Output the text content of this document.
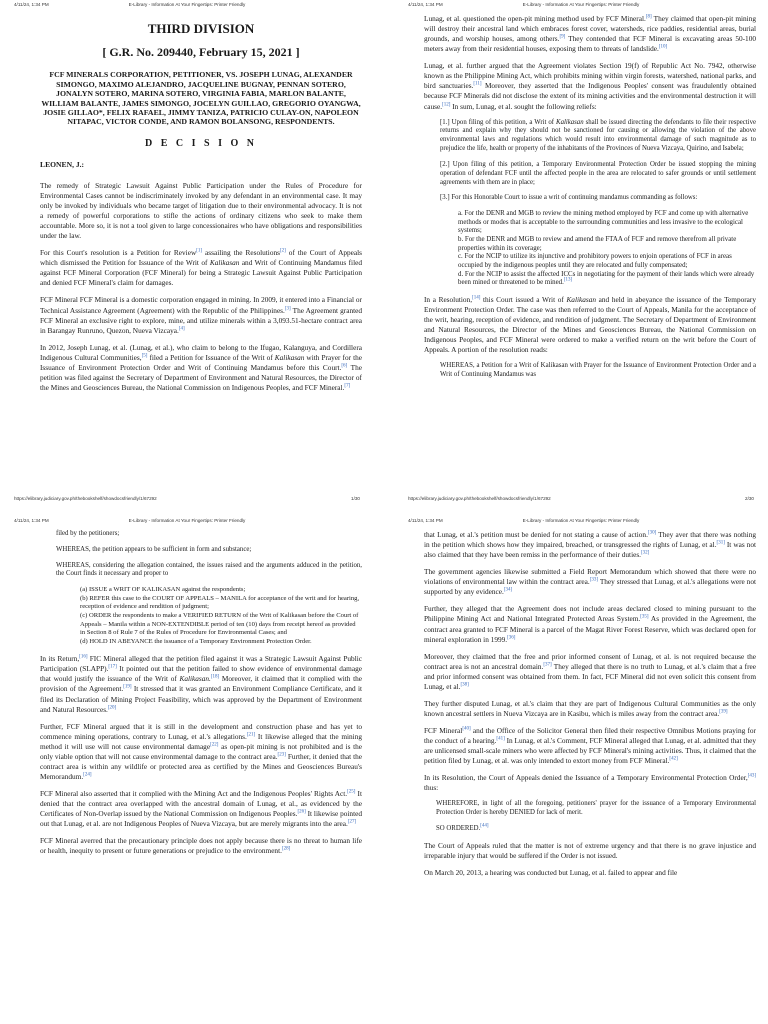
4/11/24, 1:34 PM	E-Library - Information At Your Fingertips: Printer Friendly
THIRD DIVISION
[ G.R. No. 209440, February 15, 2021 ]
FCF MINERALS CORPORATION, PETITIONER, VS. JOSEPH LUNAG, ALEXANDER SIMONGO, MAXIMO ALEJANDRO, JACQUELINE BUGNAY, PENNAN SOTERO, JONALYN SOTERO, MARINA SOTERO, VIRGINIA FABIA, MARLON BALANTE, WILLIAM BALANTE, JAMES SIMONGO, JOCELYN GUILLAO, GREGORIO OYANGWA, JOSIE GILLAO*, FELIX RAFAEL, JIMMY TANIZA, PATRICIO CULAY-ON, NAPOLEON NITAPAC, VICTOR CONDE, AND RAMON BOLANSONG, RESPONDENTS.
D E C I S I O N
LEONEN, J.:

The remedy of Strategic Lawsuit Against Public Participation under the Rules of Procedure for Environmental Cases cannot be indiscriminately invoked by any defendant in an environmental case. It may only be invoked by individuals who became target of litigation due to their environmental advocacy. It is not a remedy of powerful corporations to stifle the actions of ordinary citizens who seek to make them accountable. More so, it is not a tool given to large concessionaires who have obligations and responsibilities under the law.

For this Court's resolution is a Petition for Review[1] assailing the Resolutions[2] of the Court of Appeals which dismissed the Petition for Issuance of the Writ of Kalikasan and Writ of Continuing Mandamus filed against FCF Mineral Corporation (FCF Mineral) for being a Strategic Lawsuit Against Public Participation and denied FCF Mineral's claim for damages.

FCF Mineral FCF Mineral is a domestic corporation engaged in mining. In 2009, it entered into a Financial or Technical Assistance Agreement (Agreement) with the Republic of the Philippines.[3] The Agreement granted FCF Mineral an exclusive right to explore, mine, and utilize minerals within a 3,093.51-hectare contract area in Barangay Runruno, Quezon, Nueva Vizcaya.[4]

In 2012, Joseph Lunag, et al. (Lunag, et al.), who claim to belong to the Ifugao, Kalanguya, and Cordillera Indigenous Cultural Communities,[5] filed a Petition for Issuance of the Writ of Kalikasan with Prayer for the Issuance of Environment Protection Order and Writ of Continuing Mandamus before this Court.[6] The petition was filed against the Secretary of Department of Environment and Natural Resources, the Director of the Mines and Geosciences Bureau, the National Commission on Indigenous Peoples, and FCF Mineral.[7]

https://elibrary.judiciary.gov.ph/thebookshelf/showdocsfriendly/1/67292	1/30
4/11/24, 1:34 PM	E-Library - Information At Your Fingertips: Printer Friendly

Lunag, et al. questioned the open-pit mining method used by FCF Mineral.[8] They claimed that open-pit mining will destroy their ancestral land which embraces forest cover, watersheds, rice paddies, residential areas, burial grounds, and worship houses, among others.[9] They contended that FCF Mineral is excavating areas 50-100 meters away from their residential houses, exposing them to threats of landslide.[10]

Lunag, et al. further argued that the Agreement violates Section 19(f) of Republic Act No. 7942, otherwise known as the Philippine Mining Act, which prohibits mining within virgin forests, watershed, national parks, and bird sanctuaries.[11] Moreover, they asserted that the Indigenous Peoples' consent was fraudulently obtained because FCF Minerals did not disclose the extent of its mining activities and the environmental destruction it will cause.[12] In sum, Lunag, et al. sought the following reliefs:

[1.] Upon filing of this petition, a Writ of Kalikasan shall be issued directing the defendants to file their respective returns and explain why they should not be sanctioned for causing or allowing the violation of the above environmental laws and regulations which would result into environmental damage of such magnitude as to prejudice the life, health or property of the inhabitants of the Provinces of Nueva Vizcaya, Quirino, and Isabela;

[2.] Upon filing of this petition, a Temporary Environmental Protection Order be issued stopping the mining operation of defendant FCF until the affected people in the area are relocated to safer grounds or until settlement agreements with them are in place;

[3.] For this Honorable Court to issue a writ of continuing mandamus commanding as follows:

a. For the DENR and MGB to review the mining method employed by FCF and come up with alternative methods or modes that is acceptable to the surrounding communities and less invasive to the ecological systems;
b. For the DENR and MGB to review and amend the FTAA of FCF and remove therefrom all private properties within its coverage;
c. For the NCIP to utilize its injunctive and prohibitory powers to enjoin operations of FCF in areas occupied by the indigenous peoples until they are relocated and fully compensated;
d. For the NCIP to assist the affected ICCs in negotiating for the payment of their lands which were already been mined or threatened to be mined.[13]

In a Resolution,[14] this Court issued a Writ of Kalikasan and held in abeyance the issuance of the Temporary Environment Protection Order. The case was then referred to the Court of Appeals, Manila for the acceptance of the writ, hearing, reception of evidence, and rendition of judgment. The Secretary of Department of Environment and Natural Resources, the Director of the Mines and Geosciences Bureau, the National Commission on Indigenous Peoples, and FCF Mineral were ordered to make a verified return on the writ before the Court of Appeals. A portion of the resolution reads:

WHEREAS, a Petition for a Writ of Kalikasan with Prayer for the Issuance of Environment Protection Order and a Writ of Continuing Mandamus was

https://elibrary.judiciary.gov.ph/thebookshelf/showdocsfriendly/1/67292	2/30
4/11/24, 1:34 PM	E-Library - Information At Your Fingertips: Printer Friendly

filed by the petitioners;

WHEREAS, the petition appears to be sufficient in form and substance;

WHEREAS, considering the allegation contained, the issues raised and the arguments adduced in the petition, the Court finds it necessary and proper to

(a) ISSUE a WRIT OF KALIKASAN against the respondents;
(b) REFER this case to the COURT OF APPEALS – MANILA for acceptance of the writ and for hearing, reception of evidence and rendition of judgment;
(c) ORDER the respondents to make a VERIFIED RETURN of the Writ of Kalikasan before the Court of Appeals – Manila within a NON-EXTENDIBLE period of ten (10) days from receipt hereof as provided in Section 8 of Rule 7 of the Rules of Procedure for Environmental Cases; and
(d) HOLD IN ABEYANCE the issuance of a Temporary Environment Protection Order.

In its Return,[16] FIC Mineral alleged that the petition filed against it was a Strategic Lawsuit Against Public Participation (SLAPP).[17] It pointed out that the petition failed to show evidence of environmental damage that would justify the issuance of the Writ of Kalikasan.[18] Moreover, it claimed that it complied with the provision of the Agreement.[19] It stressed that it was granted an Environment Compliance Certificate, and it filed its Declaration of Mining Project Feasibility, which was approved by the Department of Environment and Natural Resources.[20]

Further, FCF Mineral argued that it is still in the development and construction phase and has yet to commence mining operations, contrary to Lunag, et al.'s allegations.[21] It likewise alleged that the mining method it will use will not cause environmental damage[22] as open-pit mining is not prohibited and is the only viable option that will not cause environmental damage to the contract area.[23] Further, it denied that the contract area is within any wildlife or protected area as certified by the Mines and Geosciences Bureau's Memorandum.[24]

FCF Mineral also asserted that it complied with the Mining Act and the Indigenous Peoples' Rights Act.[25] It denied that the contract area overlapped with the ancestral domain of Lunag, et al., as evidenced by the Certificates of Non-Overlap issued by the National Commission on Indigenous Peoples.[26] It likewise pointed out that Lunag, et al. are not Indigenous Peoples of Nueva Vizcaya, but are merely migrants into the area.[27]

FCF Mineral averred that the precautionary principle does not apply because there is no threat to human life or health, inequity to present or future generations or prejudice to the environment.[28]

4/11/24, 1:34 PM	E-Library - Information At Your Fingertips: Printer Friendly

that Lunag, et al.'s petition must be denied for not stating a cause of action.[30] They aver that there was nothing in the petition which shows how they impaired, breached, or transgressed the rights of Lunag, et al.[31] It was not also claimed that they have been remiss in the performance of their duties.[32]

The government agencies likewise submitted a Field Report Memorandum which showed that there were no violations of environmental law within the contract area.[33] They stressed that Lunag, et al.'s allegations were not supported by any evidence.[34]

Further, they alleged that the Agreement does not include areas declared closed to mining pursuant to the Philippine Mining Act and National Integrated Protected Areas System.[35] As provided in the Agreement, the contract area granted to FCF Mineral is a parcel of the Magat River Forest Reserve, which was declared open for mineral exploration in 1999.[36]

Moreover, they claimed that the free and prior informed consent of Lunag, et al. is not required because the contract area is not an ancestral domain.[37] They alleged that there is no truth to Lunag, et al.'s claim that a free and prior informed consent was obtained from them. In fact, FCF Mineral did not even solicit this consent from Lunag, et al.[38]

They further disputed Lunag, et al.'s claim that they are part of Indigenous Cultural Communities as the only known ancestral settlers in Nueva Vizcaya are in Kasibu, which is miles away from the contract area.[39]

FCF Mineral[40] and the Office of the Solicitor General then filed their respective Omnibus Motions praying for the conduct of a hearing.[41] In Lunag, et al.'s Comment, FCF Mineral alleged that Lunag, et al. admitted that they are unlicensed small-scale miners who were affected by FCF Mineral's mining activities. Thus, it claimed that the petition filed by Lunag, et al. was only intended to extort money from FCF Mineral.[42]

In its Resolution, the Court of Appeals denied the Issuance of a Temporary Environmental Protection Order,[43] thus:

WHEREFORE, in light of all the foregoing, petitioners' prayer for the issuance of a Temporary Environmental Protection Order is hereby DENIED for lack of merit.

SO ORDERED.[44]

The Court of Appeals ruled that the matter is not of extreme urgency and that there is no grave injustice and irreparable injury that would be suffered if the Order is not issued.

On March 20, 2013, a hearing was conducted but Lunag, et al. failed to appear and file
